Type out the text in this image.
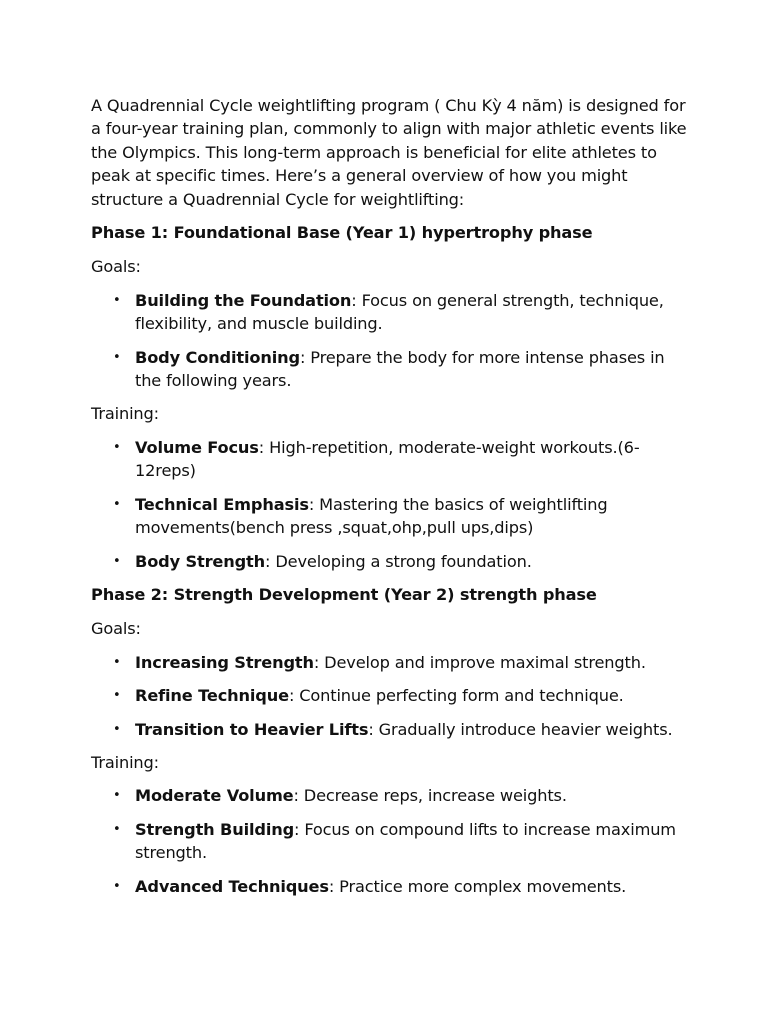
A Quadrennial Cycle weightlifting program ( Chu Kỳ 4 năm) is designed for a four-year training plan, commonly to align with major athletic events like the Olympics. This long-term approach is beneficial for elite athletes to peak at specific times. Here’s a general overview of how you might structure a Quadrennial Cycle for weightlifting:

Phase 1: Foundational Base (Year 1) hypertrophy phase

Goals:

• Building the Foundation: Focus on general strength, technique, flexibility, and muscle building.
• Body Conditioning: Prepare the body for more intense phases in the following years.

Training:

• Volume Focus: High-repetition, moderate-weight workouts.(6-12reps)
• Technical Emphasis: Mastering the basics of weightlifting movements(bench press ,squat,ohp,pull ups,dips)
• Body Strength: Developing a strong foundation.

Phase 2: Strength Development (Year 2) strength phase

Goals:

• Increasing Strength: Develop and improve maximal strength.
• Refine Technique: Continue perfecting form and technique.
• Transition to Heavier Lifts: Gradually introduce heavier weights.

Training:

• Moderate Volume: Decrease reps, increase weights.
• Strength Building: Focus on compound lifts to increase maximum strength.
• Advanced Techniques: Practice more complex movements.
